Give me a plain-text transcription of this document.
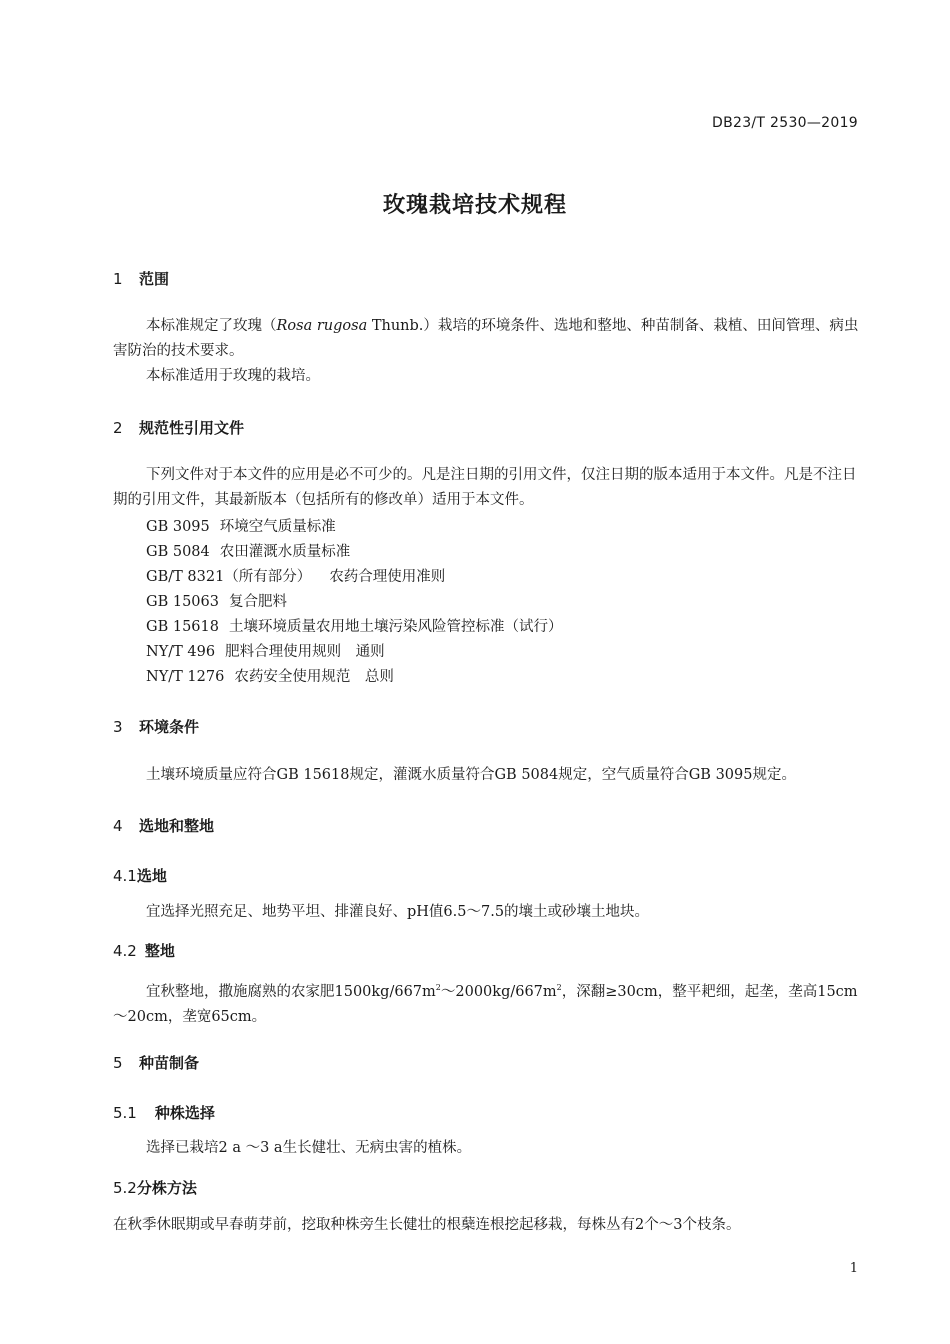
DB23/T 2530—2019
玫瑰栽培技术规程
1 范围
本标准规定了玫瑰（Rosa rugosa Thunb.）栽培的环境条件、选地和整地、种苗制备、栽植、田间管理、病虫害防治的技术要求。
本标准适用于玫瑰的栽培。
2 规范性引用文件
下列文件对于本文件的应用是必不可少的。凡是注日期的引用文件，仅注日期的版本适用于本文件。凡是不注日期的引用文件，其最新版本（包括所有的修改单）适用于本文件。
GB 3095 环境空气质量标准
GB 5084 农田灌溉水质量标准
GB/T 8321（所有部分） 农药合理使用准则
GB 15063 复合肥料
GB 15618 土壤环境质量农用地土壤污染风险管控标准（试行）
NY/T 496 肥料合理使用规则　通则
NY/T 1276 农药安全使用规范　总则
3 环境条件
土壤环境质量应符合GB 15618规定，灌溉水质量符合GB 5084规定，空气质量符合GB 3095规定。
4 选地和整地
4.1选地
宜选择光照充足、地势平坦、排灌良好、pH值6.5～7.5的壤土或砂壤土地块。
4.2 整地
宜秋整地，撒施腐熟的农家肥$1500kg/667m^2\sim 2000kg/667m^2$，深翻≥30cm，整平耙细，起垄，垄高15cm～20cm，垄宽65cm。
5 种苗制备
5.1 种株选择
选择已栽培2 a ～3 a生长健壮、无病虫害的植株。
5.2分株方法
在秋季休眠期或早春萌芽前，挖取种株旁生长健壮的根蘖连根挖起移栽，每株丛有2个～3个枝条。
1
